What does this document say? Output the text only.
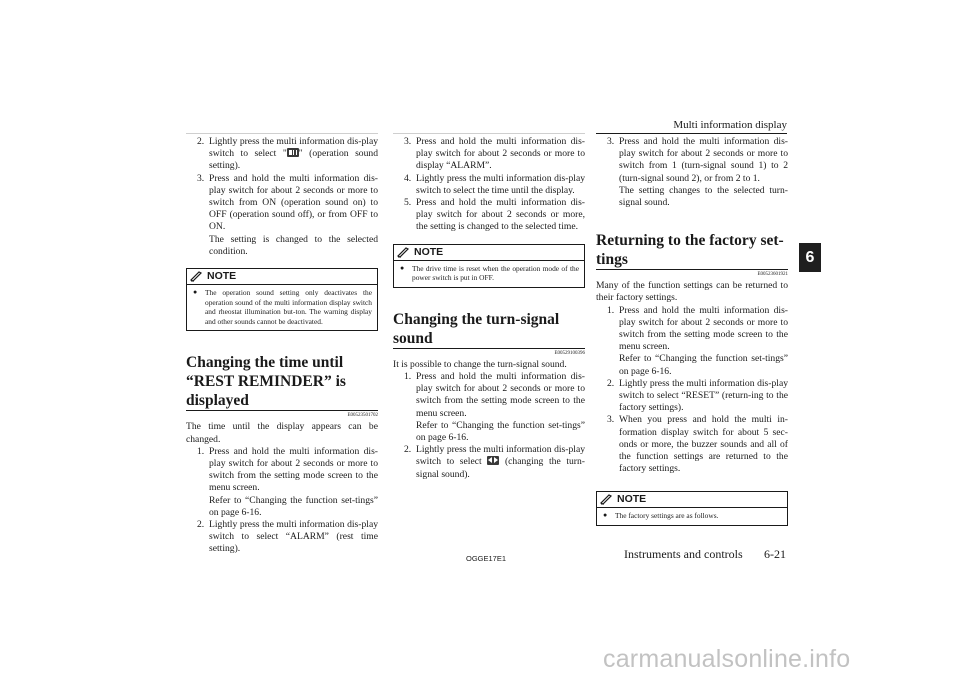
Multi information display
6
2. Lightly press the multi information dis-play switch to select " " (operation sound setting).
3. Press and hold the multi information dis-play switch for about 2 seconds or more to switch from ON (operation sound on) to OFF (operation sound off), or from OFF to ON.
The setting is changed to the selected condition.
NOTE
● The operation sound setting only deactivates the operation sound of the multi information display switch and rheostat illumination but-ton. The warning display and other sounds cannot be deactivated.
Changing the time until “REST REMINDER” is displayed
E00523501702
The time until the display appears can be changed.
1. Press and hold the multi information dis-play switch for about 2 seconds or more to switch from the setting mode screen to the menu screen.
Refer to “Changing the function set-tings” on page 6-16.
2. Lightly press the multi information dis-play switch to select “ALARM” (rest time setting).
3. Press and hold the multi information dis-play switch for about 2 seconds or more to display “ALARM”.
4. Lightly press the multi information dis-play switch to select the time until the display.
5. Press and hold the multi information dis-play switch for about 2 seconds or more, the setting is changed to the selected time.
NOTE
● The drive time is reset when the operation mode of the power switch is put in OFF.
Changing the turn-signal sound
E00529100396
It is possible to change the turn-signal sound.
1. Press and hold the multi information dis-play switch for about 2 seconds or more to switch from the setting mode screen to the menu screen.
Refer to “Changing the function set-tings” on page 6-16.
2. Lightly press the multi information dis-play switch to select  (changing the turn-signal sound).
3. Press and hold the multi information dis-play switch for about 2 seconds or more to switch from 1 (turn-signal sound 1) to 2 (turn-signal sound 2), or from 2 to 1.
The setting changes to the selected turn-signal sound.
Returning to the factory set-tings
E00523601921
Many of the function settings can be returned to their factory settings.
1. Press and hold the multi information dis-play switch for about 2 seconds or more to switch from the setting mode screen to the menu screen.
Refer to “Changing the function set-tings” on page 6-16.
2. Lightly press the multi information dis-play switch to select “RESET” (return-ing to the factory settings).
3. When you press and hold the multi in-formation display switch for about 5 sec-onds or more, the buzzer sounds and all of the function settings are returned to the factory settings.
NOTE
● The factory settings are as follows.
OGGE17E1	Instruments and controls 6-21
carmanualsonline.info
